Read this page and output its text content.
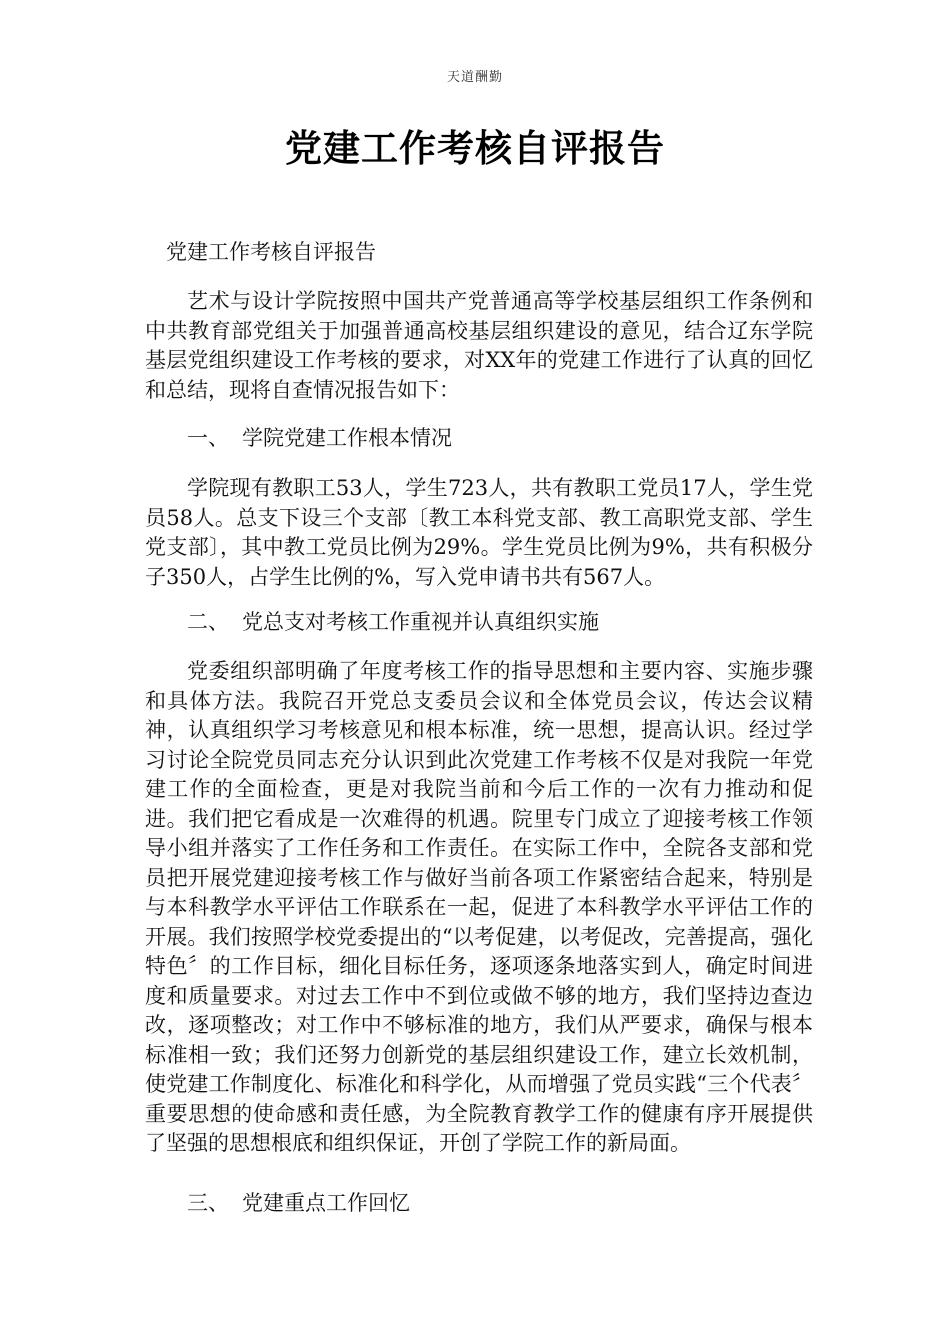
天道酬勤
党建工作考核自评报告

党建工作考核自评报告

艺术与设计学院按照中国共产党普通高等学校基层组织工作条例和中共教育部党组关于加强普通高校基层组织建设的意见，结合辽东学院基层党组织建设工作考核的要求，对XX年的党建工作进行了认真的回忆和总结，现将自查情况报告如下：

一、 学院党建工作根本情况

学院现有教职工53人，学生723人，共有教职工党员17人，学生党员58人。总支下设三个支部〔教工本科党支部、教工高职党支部、学生党支部〕，其中教工党员比例为29%。学生党员比例为9%，共有积极分子350人，占学生比例的%，写入党申请书共有567人。

二、 党总支对考核工作重视并认真组织实施

党委组织部明确了年度考核工作的指导思想和主要内容、实施步骤和具体方法。我院召开党总支委员会议和全体党员会议，传达会议精神，认真组织学习考核意见和根本标准，统一思想，提高认识。经过学习讨论全院党员同志充分认识到此次党建工作考核不仅是对我院一年党建工作的全面检查，更是对我院当前和今后工作的一次有力推动和促进。我们把它看成是一次难得的机遇。院里专门成立了迎接考核工作领导小组并落实了工作任务和工作责任。在实际工作中，全院各支部和党员把开展党建迎接考核工作与做好当前各项工作紧密结合起来，特别是与本科教学水平评估工作联系在一起，促进了本科教学水平评估工作的开展。我们按照学校党委提出的“以考促建，以考促改，完善提高，强化特色〞的工作目标，细化目标任务，逐项逐条地落实到人，确定时间进度和质量要求。对过去工作中不到位或做不够的地方，我们坚持边查边改，逐项整改；对工作中不够标准的地方，我们从严要求，确保与根本标准相一致；我们还努力创新党的基层组织建设工作，建立长效机制，使党建工作制度化、标准化和科学化，从而增强了党员实践“三个代表〞重要思想的使命感和责任感，为全院教育教学工作的健康有序开展提供了坚强的思想根底和组织保证，开创了学院工作的新局面。

三、 党建重点工作回忆
